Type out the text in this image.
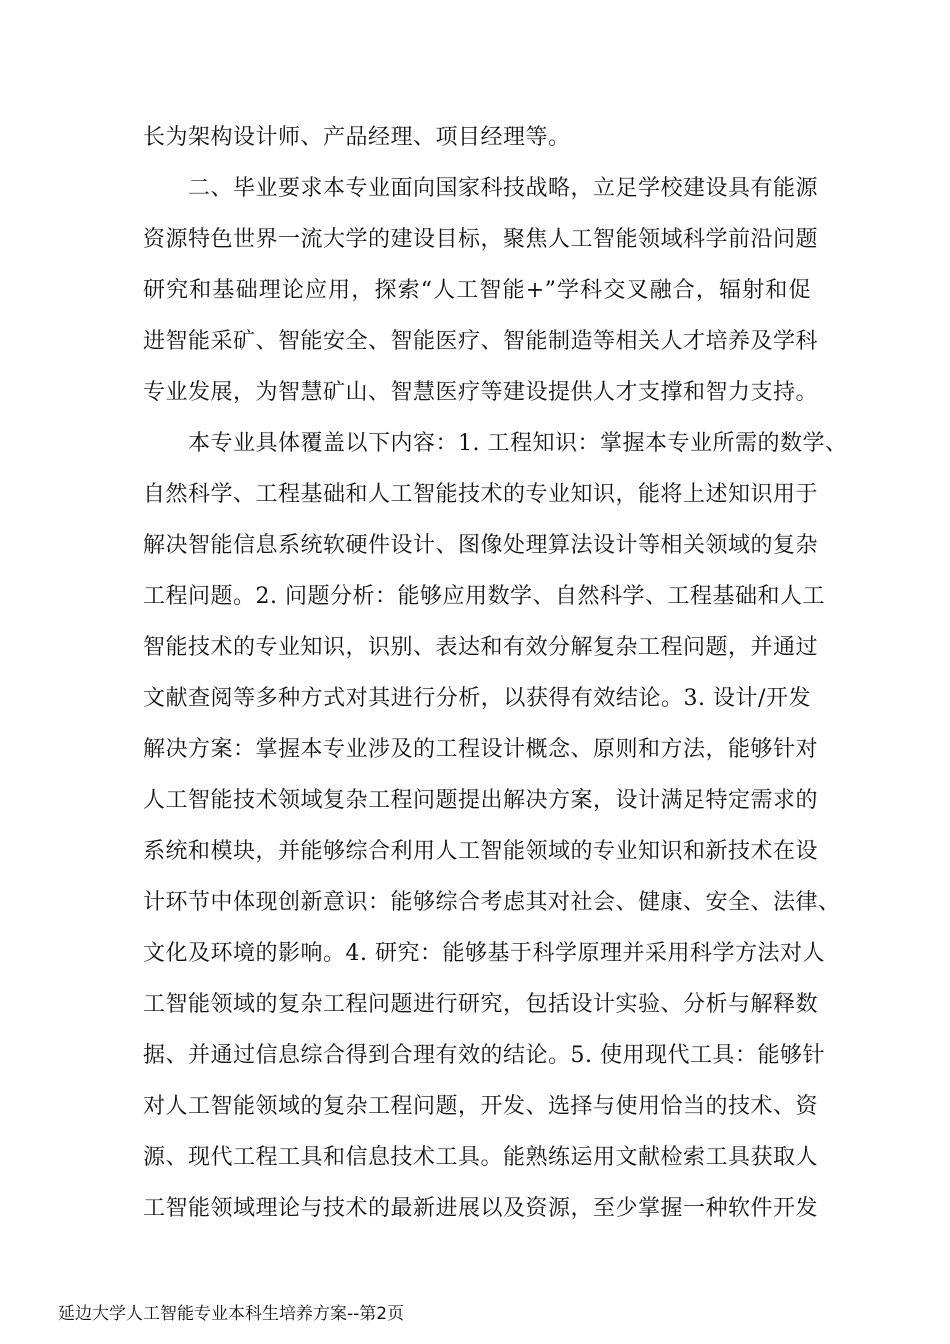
长为架构设计师、产品经理、项目经理等。
二、毕业要求本专业面向国家科技战略，立足学校建设具有能源
资源特色世界一流大学的建设目标，聚焦人工智能领域科学前沿问题
研究和基础理论应用，探索“人工智能+”学科交叉融合，辐射和促
进智能采矿、智能安全、智能医疗、智能制造等相关人才培养及学科
专业发展，为智慧矿山、智慧医疗等建设提供人才支撑和智力支持。
本专业具体覆盖以下内容：1. 工程知识：掌握本专业所需的数学、
自然科学、工程基础和人工智能技术的专业知识，能将上述知识用于
解决智能信息系统软硬件设计、图像处理算法设计等相关领域的复杂
工程问题。2. 问题分析：能够应用数学、自然科学、工程基础和人工
智能技术的专业知识，识别、表达和有效分解复杂工程问题，并通过
文献查阅等多种方式对其进行分析，以获得有效结论。3. 设计/开发
解决方案：掌握本专业涉及的工程设计概念、原则和方法，能够针对
人工智能技术领域复杂工程问题提出解决方案，设计满足特定需求的
系统和模块，并能够综合利用人工智能领域的专业知识和新技术在设
计环节中体现创新意识：能够综合考虑其对社会、健康、安全、法律、
文化及环境的影响。4. 研究：能够基于科学原理并采用科学方法对人
工智能领域的复杂工程问题进行研究，包括设计实验、分析与解释数
据、并通过信息综合得到合理有效的结论。5. 使用现代工具：能够针
对人工智能领域的复杂工程问题，开发、选择与使用恰当的技术、资
源、现代工程工具和信息技术工具。能熟练运用文献检索工具获取人
工智能领域理论与技术的最新进展以及资源，至少掌握一种软件开发
延边大学人工智能专业本科生培养方案--第2页
